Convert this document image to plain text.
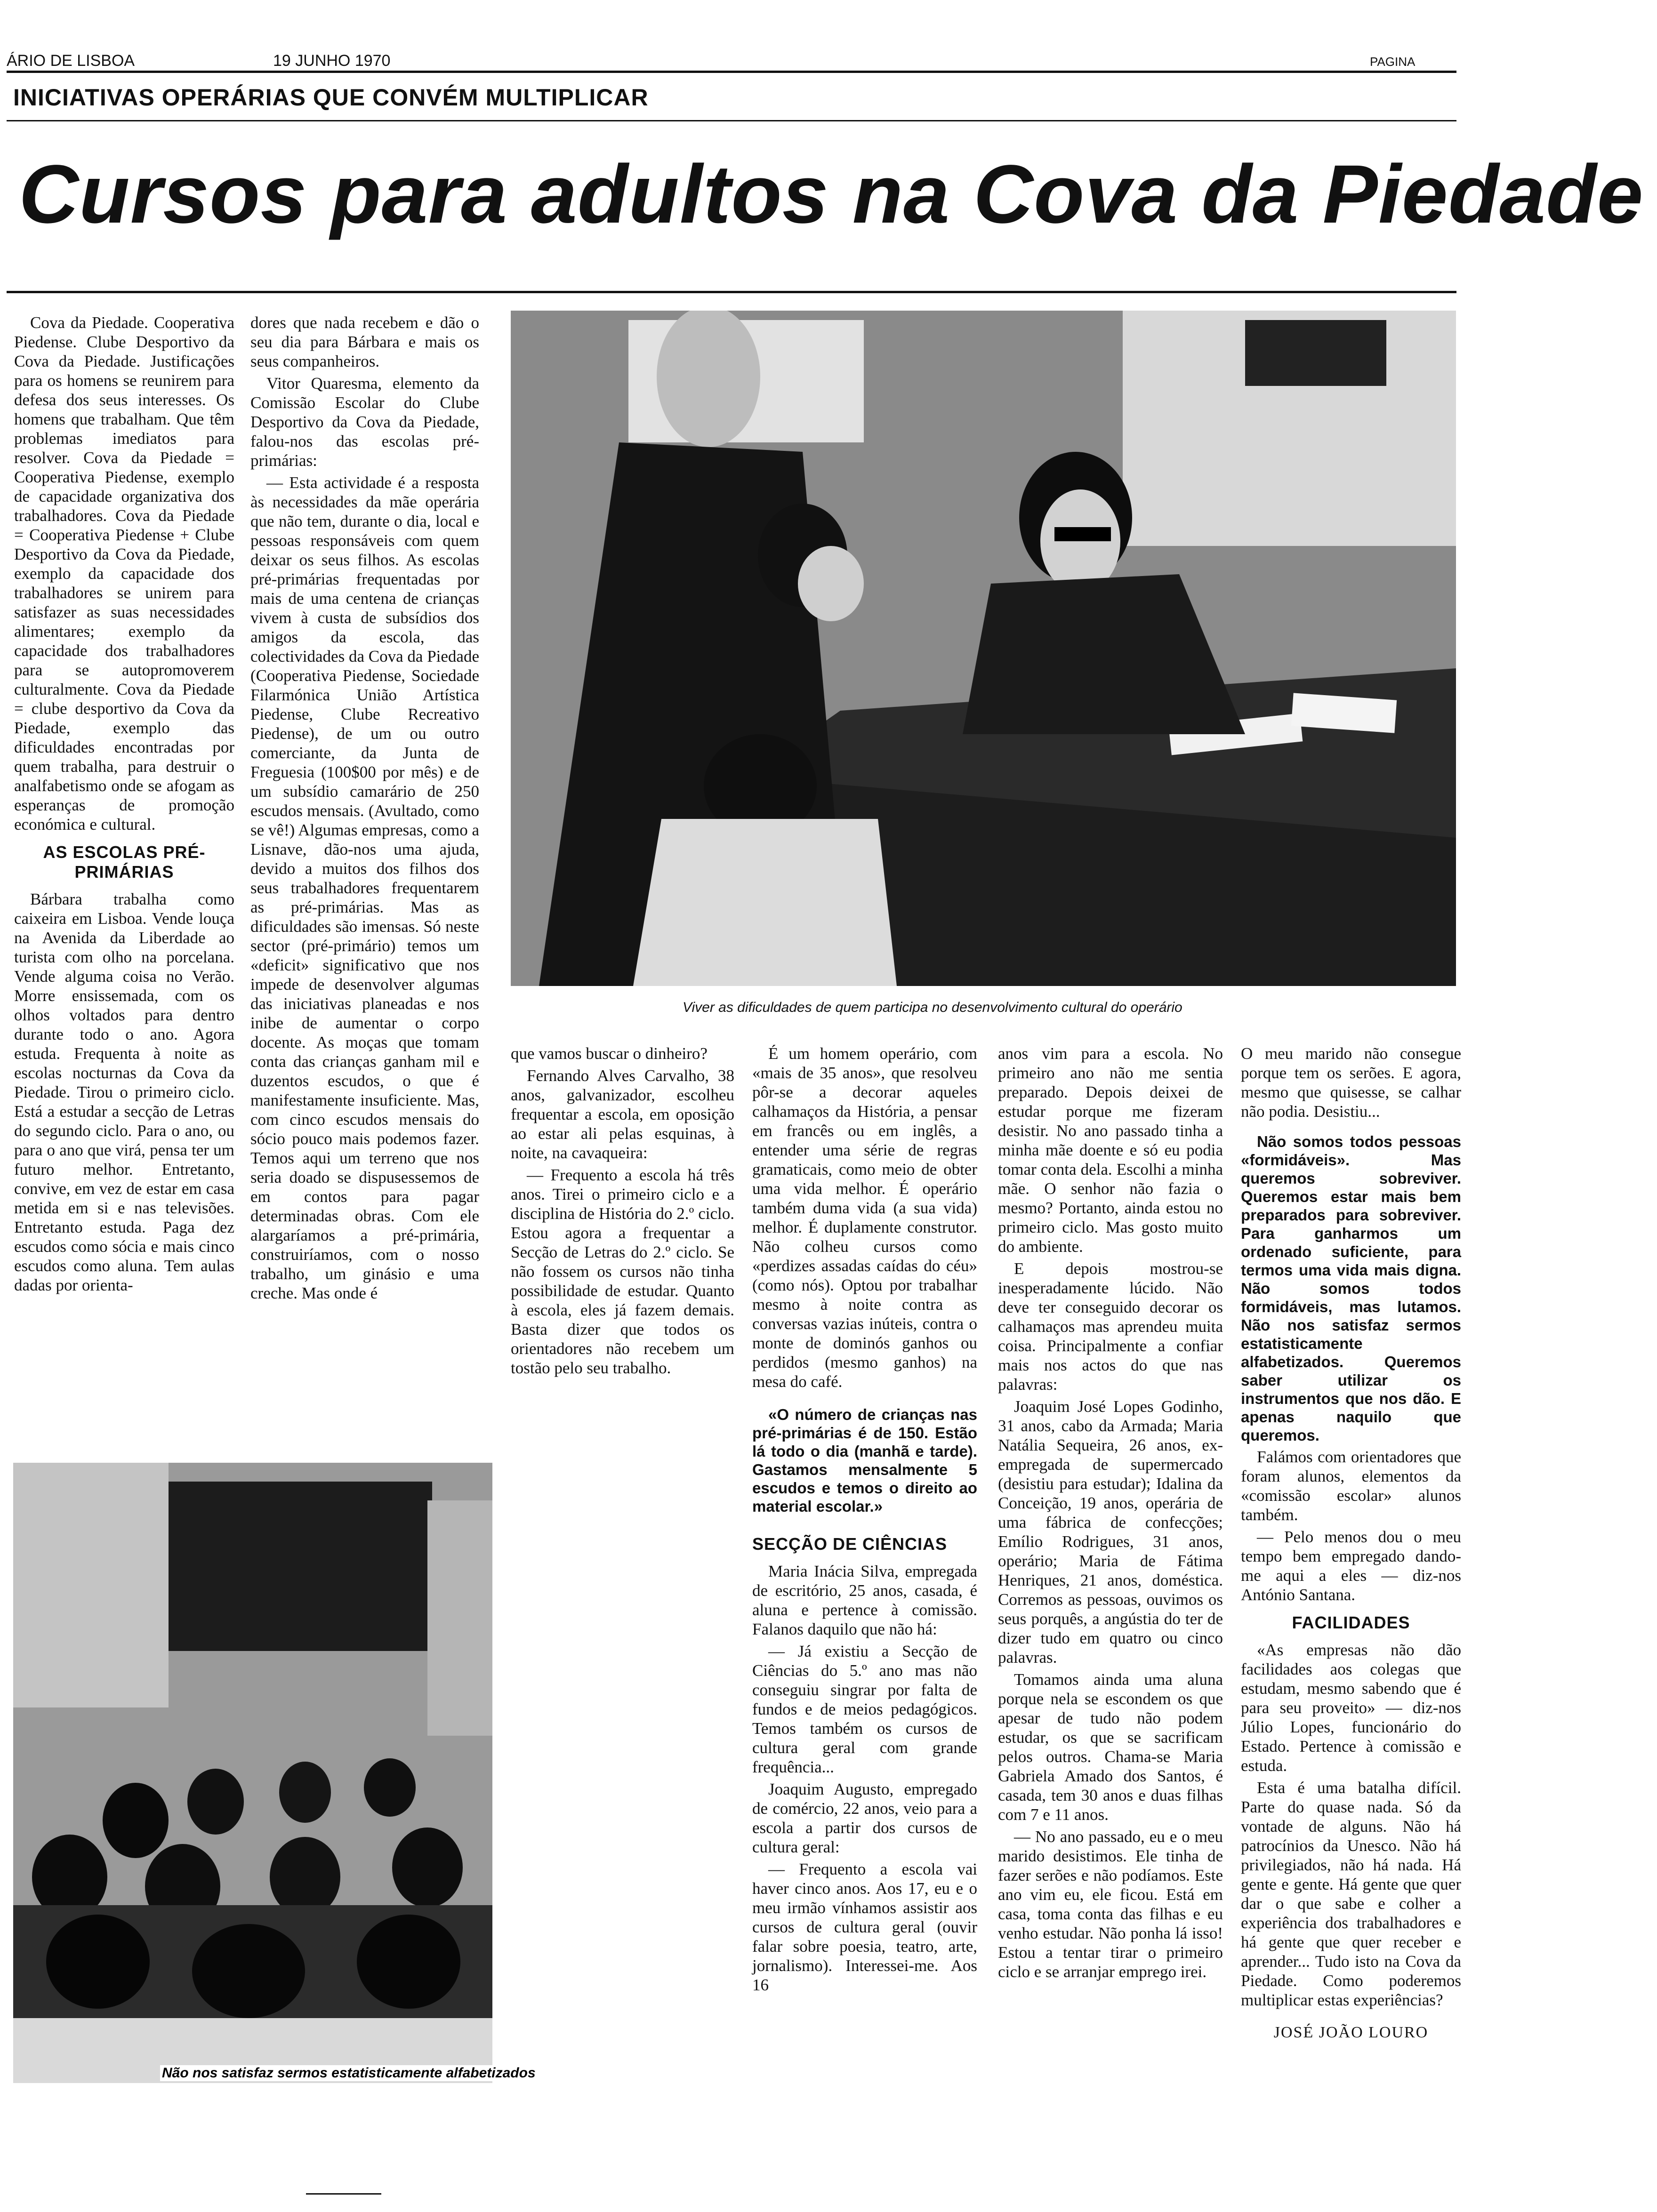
ÁRIO DE LISBOA	19 JUNHO 1970	PAGINA
INICIATIVAS OPERÁRIAS QUE CONVÉM MULTIPLICAR
Cursos para adultos na Cova da Piedade

Cova da Piedade. Cooperativa Piedense. Clube Desportivo da Cova da Piedade. Justificações para os homens se reunirem para defesa dos seus interesses. Os homens que trabalham. Que têm problemas imediatos para resolver. Cova da Piedade = Cooperativa Piedense, exemplo de capacidade organizativa dos trabalhadores. Cova da Piedade = Cooperativa Piedense + Clube Desportivo da Cova da Piedade, exemplo da capacidade dos trabalhadores se unirem para satisfazer as suas necessidades alimentares; exemplo da capacidade dos trabalhadores para se autopromoverem culturalmente. Cova da Piedade = clube desportivo da Cova da Piedade, exemplo das dificuldades encontradas por quem trabalha, para destruir o analfabetismo onde se afogam as esperanças de promoção económica e cultural.

AS ESCOLAS PRÉ-PRIMÁRIAS

Bárbara trabalha como caixeira em Lisboa. Vende louça na Avenida da Liberdade ao turista com olho na porcelana. Vende alguma coisa no Verão. Morre ensissemada, com os olhos voltados para dentro durante todo o ano. Agora estuda. Frequenta à noite as escolas nocturnas da Cova da Piedade. Tirou o primeiro ciclo. Está a estudar a secção de Letras do segundo ciclo. Para o ano, ou para o ano que virá, pensa ter um futuro melhor. Entretanto, convive, em vez de estar em casa metida em si e nas televisões. Entretanto estuda. Paga dez escudos como sócia e mais cinco escudos como aluna. Tem aulas dadas por orienta-

dores que nada recebem e dão o seu dia para Bárbara e mais os seus companheiros.

Vitor Quaresma, elemento da Comissão Escolar do Clube Desportivo da Cova da Piedade, falou-nos das escolas pré-primárias:

— Esta actividade é a resposta às necessidades da mãe operária que não tem, durante o dia, local e pessoas responsáveis com quem deixar os seus filhos. As escolas pré-primárias frequentadas por mais de uma centena de crianças vivem à custa de subsídios dos amigos da escola, das colectividades da Cova da Piedade (Cooperativa Piedense, Sociedade Filarmónica União Artística Piedense, Clube Recreativo Piedense), de um ou outro comerciante, da Junta de Freguesia (100$00 por mês) e de um subsídio camarário de 250 escudos mensais. (Avultado, como se vê!) Algumas empresas, como a Lisnave, dão-nos uma ajuda, devido a muitos dos filhos dos seus trabalhadores frequentarem as pré-primárias. Mas as dificuldades são imensas. Só neste sector (pré-primário) temos um «deficit» significativo que nos impede de desenvolver algumas das iniciativas planeadas e nos inibe de aumentar o corpo docente. As moças que tomam conta das crianças ganham mil e duzentos escudos, o que é manifestamente insuficiente. Mas, com cinco escudos mensais do sócio pouco mais podemos fazer. Temos aqui um terreno que nos seria doado se dispusessemos de em contos para pagar determinadas obras. Com ele alargaríamos a pré-primária, construiríamos, com o nosso trabalho, um ginásio e uma creche. Mas onde é

Viver as dificuldades de quem participa no desenvolvimento cultural do operário

que vamos buscar o dinheiro?

Fernando Alves Carvalho, 38 anos, galvanizador, escolheu frequentar a escola, em oposição ao estar ali pelas esquinas, à noite, na cavaqueira:

— Frequento a escola há três anos. Tirei o primeiro ciclo e a disciplina de História do 2.º ciclo. Estou agora a frequentar a Secção de Letras do 2.º ciclo. Se não fossem os cursos não tinha possibilidade de estudar. Quanto à escola, eles já fazem demais. Basta dizer que todos os orientadores não recebem um tostão pelo seu trabalho.

É um homem operário, com «mais de 35 anos», que resolveu pôr-se a decorar aqueles calhamaços da História, a pensar em francês ou em inglês, a entender uma série de regras gramaticais, como meio de obter uma vida melhor. É operário também duma vida (a sua vida) melhor. É duplamente construtor. Não colheu cursos como «perdizes assadas caídas do céu» (como nós). Optou por trabalhar mesmo à noite contra as conversas vazias inúteis, contra o monte de dominós ganhos ou perdidos (mesmo ganhos) na mesa do café.

«O número de crianças nas pré-primárias é de 150. Estão lá todo o dia (manhã e tarde). Gastamos mensalmente 5 escudos e temos o direito ao material escolar.»

SECÇÃO DE CIÊNCIAS

Maria Inácia Silva, empregada de escritório, 25 anos, casada, é aluna e pertence à comissão. Falanos daquilo que não há:

— Já existiu a Secção de Ciências do 5.º ano mas não conseguiu singrar por falta de fundos e de meios pedagógicos. Temos também os cursos de cultura geral com grande frequência...

Joaquim Augusto, empregado de comércio, 22 anos, veio para a escola a partir dos cursos de cultura geral:

— Frequento a escola vai haver cinco anos. Aos 17, eu e o meu irmão vínhamos assistir aos cursos de cultura geral (ouvir falar sobre poesia, teatro, arte, jornalismo). Interessei-me. Aos 16

anos vim para a escola. No primeiro ano não me sentia preparado. Depois deixei de estudar porque me fizeram desistir. No ano passado tinha a minha mãe doente e só eu podia tomar conta dela. Escolhi a minha mãe. O senhor não fazia o mesmo? Portanto, ainda estou no primeiro ciclo. Mas gosto muito do ambiente.

E depois mostrou-se inesperadamente lúcido. Não deve ter conseguido decorar os calhamaços mas aprendeu muita coisa. Principalmente a confiar mais nos actos do que nas palavras:

Joaquim José Lopes Godinho, 31 anos, cabo da Armada; Maria Natália Sequeira, 26 anos, ex-empregada de supermercado (desistiu para estudar); Idalina da Conceição, 19 anos, operária de uma fábrica de confecções; Emílio Rodrigues, 31 anos, operário; Maria de Fátima Henriques, 21 anos, doméstica. Corremos as pessoas, ouvimos os seus porquês, a angústia do ter de dizer tudo em quatro ou cinco palavras.

Tomamos ainda uma aluna porque nela se escondem os que apesar de tudo não podem estudar, os que se sacrificam pelos outros. Chama-se Maria Gabriela Amado dos Santos, é casada, tem 30 anos e duas filhas com 7 e 11 anos.

— No ano passado, eu e o meu marido desistimos. Ele tinha de fazer serões e não podíamos. Este ano vim eu, ele ficou. Está em casa, toma conta das filhas e eu venho estudar. Não ponha lá isso! Estou a tentar tirar o primeiro ciclo e se arranjar emprego irei.

O meu marido não consegue porque tem os serões. E agora, mesmo que quisesse, se calhar não podia. Desistiu...

Não somos todos pessoas «formidáveis». Mas queremos sobreviver. Queremos estar mais bem preparados para sobreviver. Para ganharmos um ordenado suficiente, para termos uma vida mais digna. Não somos todos formidáveis, mas lutamos. Não nos satisfaz sermos estatisticamente alfabetizados. Queremos saber utilizar os instrumentos que nos dão. E apenas naquilo que queremos.

Falámos com orientadores que foram alunos, elementos da «comissão escolar» alunos também.

— Pelo menos dou o meu tempo bem empregado dando-me aqui a eles — diz-nos António Santana.

FACILIDADES

«As empresas não dão facilidades aos colegas que estudam, mesmo sabendo que é para seu proveito» — diz-nos Júlio Lopes, funcionário do Estado. Pertence à comissão e estuda.

Esta é uma batalha difícil. Parte do quase nada. Só da vontade de alguns. Não há patrocínios da Unesco. Não há privilegiados, não há nada. Há gente e gente. Há gente que quer dar o que sabe e colher a experiência dos trabalhadores e há gente que quer receber e aprender... Tudo isto na Cova da Piedade. Como poderemos multiplicar estas experiências?

JOSÉ JOÃO LOURO
Não nos satisfaz sermos estatisticamente alfabetizados
